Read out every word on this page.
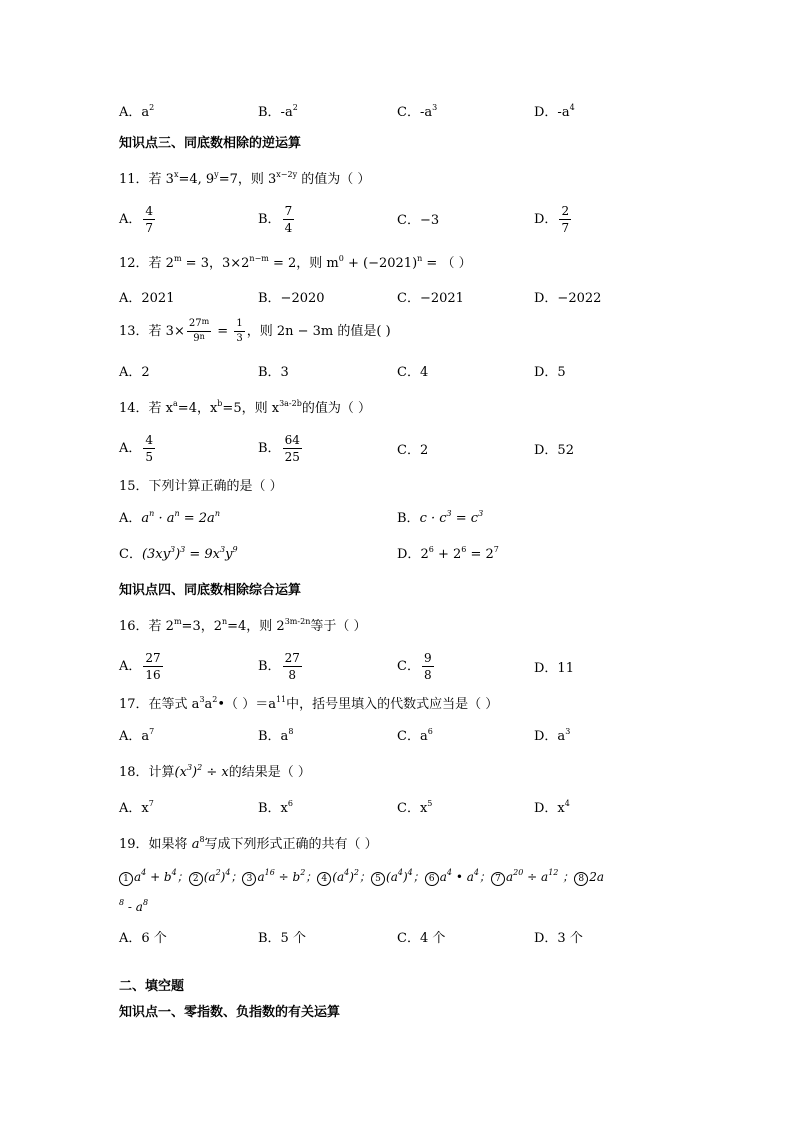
A．$a^2$	B．$-a^2$	C．$-a^3$	D．$-a^4$
知识点三、同底数相除的逆运算
11．若 $3^x=4$, $9^y=7$，则 $3^{x-2y}$ 的值为（ ）
A． $\frac{4}{7}$	B． $\frac{7}{4}$	C．−3	D． $\frac{2}{7}$
12．若 $2^m = 3$，$3\times 2^{n-m} = 2$，则 $m^0 + (-2021)^n$ = （ ）
A．2021	B．−2020	C．−2021	D．−2022
13．若 $3\times \frac{27^m}{9^n} = \frac{1}{3}$ ，则 2n − 3m 的值是( )
A．2	B．3	C．4	D．5
14．若 $x^a=4$，$x^b=5$，则 $x^{3a-2b}$的值为（ ）
A． $\frac{4}{5}$	B． $\frac{64}{25}$	C．2	D．52
15．下列计算正确的是（ ）
A．$a^n \cdot a^n = 2a^n$	B．$c \cdot c^3 = c^3$
C．$(3xy^3)^3 = 9x^3y^9$	D．$2^6 + 2^6 = 2^7$
知识点四、同底数相除综合运算
16．若 $2^m=3$，$2^n=4$，则 $2^{3m-2n}$等于（ ）
A． $\frac{27}{16}$	B． $\frac{27}{8}$	C． $\frac{9}{8}$	D．11
17．在等式 $a^3a^2•$（ ）$=a^{11}$中，括号里填入的代数式应当是（ ）
A．$a^7$	B．$a^8$	C．$a^6$	D．$a^3$
18．计算$(x^3)^2 \div x$的结果是（ ）
A．$x^7$	B．$x^6$	C．$x^5$	D．$x^4$
19．如果将 $a^8$写成下列形式正确的共有（ ）
1 $a^4 + b^4$； 2 $(a^2)^4$； 3 $a^{16} \div b^2$； 4 $(a^4)^2$； 5 $(a^4)^4$； 6 $a^4$ • $a^4$； 7 $a^{20} \div a^{12}$ ； 8 2a
$^8 - a^8$
A．6 个	B．5 个	C．4 个	D．3 个
二、填空题
知识点一、零指数、负指数的有关运算
